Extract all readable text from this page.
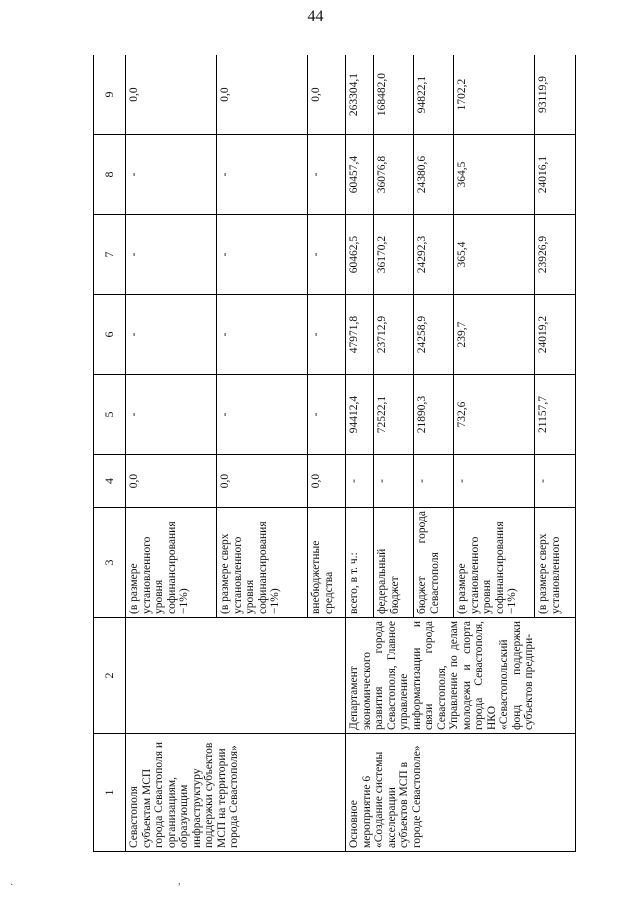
44
1	2	3	4	5	6	7	8	9
Севастополя субъектам МСП города Севастополя и организациям, образующим инфраструктуру поддержки субъектов МСП на территории города Севастополя»		(в размере установленного уровня софинансирования −1%)	0,0	-	-	-	-	0,0
		(в размере сверх установленного уровня софинансирования −1%)	0,0	-	-	-	-	0,0
		внебюджетные средства	0,0	-	-	-	-	0,0
Основное мероприятие 6 «Создание системы акселерации субъектов МСП в городе Севастополе»	Департамент экономического развития города Севастополя, Главное управление информатизации и связи города Севастополя, Управление по делам молодежи и спорта города Севастополя, НКО «Севастопольский фонд поддержки субъектов предпри-	всего, в т. ч.:	-	94412,4	47971,8	60462,5	60457,4	263304,1
		федеральный бюджет	-	72522,1	23712,9	36170,2	36076,8	168482,0
		бюджет города Севастополя	-	21890,3	24258,9	24292,3	24380,6	94822,1
		(в размере установленного уровня софинансирования −1%)	-	732,6	239,7	365,4	364,5	1702,2
		(в размере сверх установленного	-	21157,7	24019,2	23926,9	24016,1	93119,9
,
·
